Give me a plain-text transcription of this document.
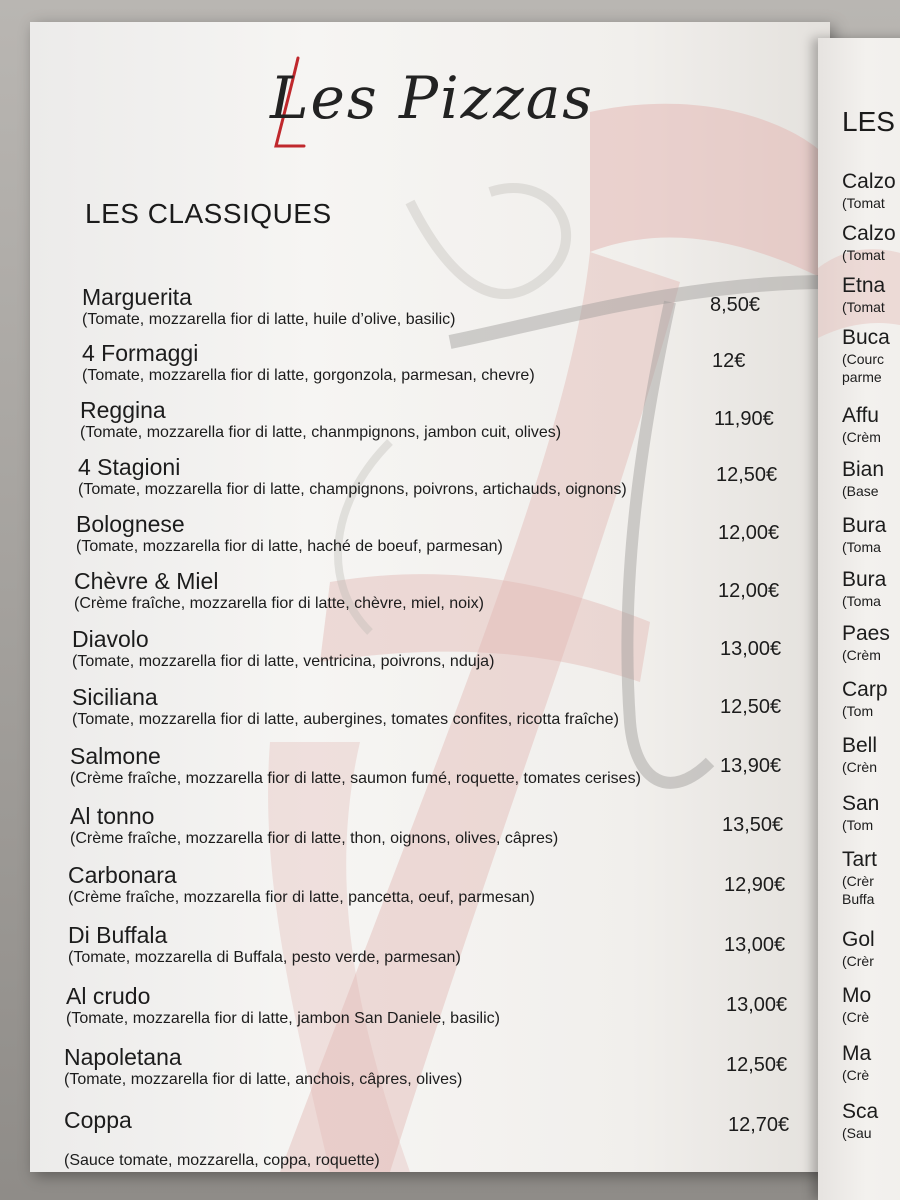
Les Pizzas
LES CLASSIQUES
Marguerita
(Tomate, mozzarella fior di latte, huile d’olive, basilic)
8,50€
4 Formaggi
(Tomate, mozzarella fior di latte, gorgonzola, parmesan, chevre)
12€
Reggina
(Tomate, mozzarella fior di latte, chanmpignons, jambon cuit, olives)
11,90€
4 Stagioni
(Tomate, mozzarella fior di latte, champignons, poivrons, artichauds, oignons)
12,50€
Bolognese
(Tomate, mozzarella fior di latte, haché de boeuf, parmesan)
12,00€
Chèvre & Miel
(Crème fraîche, mozzarella fior di latte, chèvre, miel, noix)
12,00€
Diavolo
(Tomate, mozzarella fior di latte, ventricina, poivrons, nduja)
13,00€
Siciliana
(Tomate, mozzarella fior di latte, aubergines, tomates confites, ricotta fraîche)
12,50€
Salmone
(Crème fraîche, mozzarella fior di latte, saumon fumé, roquette, tomates cerises)
13,90€
Al tonno
(Crème fraîche, mozzarella fior di latte, thon, oignons, olives, câpres)
13,50€
Carbonara
(Crème fraîche, mozzarella fior di latte, pancetta, oeuf, parmesan)
12,90€
Di Buffala
(Tomate, mozzarella di Buffala, pesto verde, parmesan)
13,00€
Al crudo
(Tomate, mozzarella fior di latte, jambon San Daniele, basilic)
13,00€
Napoletana
(Tomate, mozzarella fior di latte, anchois, câpres, olives)
12,50€
Coppa
(Sauce tomate, mozzarella, coppa, roquette)
12,70€
LES
Calzo
(Tomat
Calzo
(Tomat
Etna
(Tomat
Buca
(Courc
parme
Affu
(Crèm
Bian
(Base
Bura
(Toma
Bura
(Toma
Paes
(Crèm
Carp
(Tom
Bell
(Crèn
San
(Tom
Tart
(Crèr
Buffa
Gol
(Crèr
Mo
(Crè
Ma
(Crè
Sca
(Sau
